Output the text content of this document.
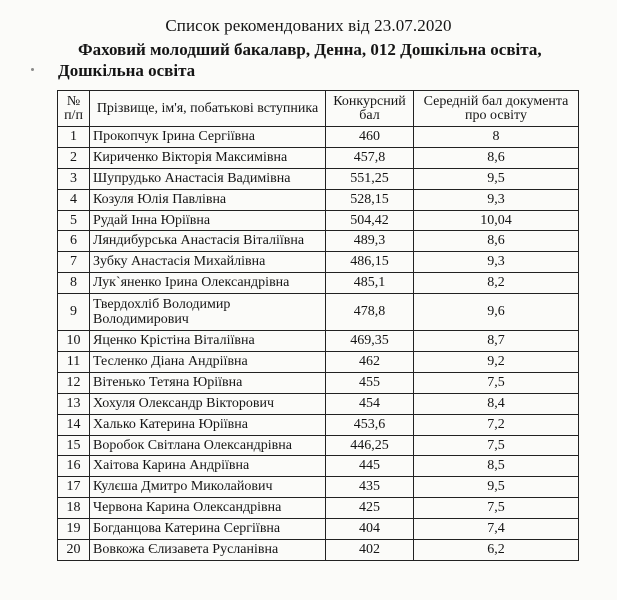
Список рекомендованих від 23.07.2020
Фаховий молодший бакалавр, Денна, 012 Дошкільна освіта,
Дошкільна освіта
№ п/п	Прізвище, ім'я, побатькові вступника	Конкурсний бал	Середній бал документа про освіту
1	Прокопчук Ірина Сергіївна	460	8
2	Кириченко Вікторія Максимівна	457,8	8,6
3	Шупрудько Анастасія Вадимівна	551,25	9,5
4	Козуля Юлія Павлівна	528,15	9,3
5	Рудай Інна Юріївна	504,42	10,04
6	Ляндибурська Анастасія Віталіївна	489,3	8,6
7	Зубку Анастасія Михайлівна	486,15	9,3
8	Лук`яненко Ірина Олександрівна	485,1	8,2
9	Твердохліб Володимир Володимирович	478,8	9,6
10	Яценко Крістіна Віталіївна	469,35	8,7
11	Тесленко Діана Андріївна	462	9,2
12	Вітенько Тетяна Юріївна	455	7,5
13	Хохуля Олександр Вікторович	454	8,4
14	Халько Катерина Юріївна	453,6	7,2
15	Воробок Світлана Олександрівна	446,25	7,5
16	Хаітова Карина Андріївна	445	8,5
17	Кулєша Дмитро Миколайович	435	9,5
18	Червона Карина Олександрівна	425	7,5
19	Богданцова Катерина Сергіївна	404	7,4
20	Вовкожа Єлизавета Русланівна	402	6,2
